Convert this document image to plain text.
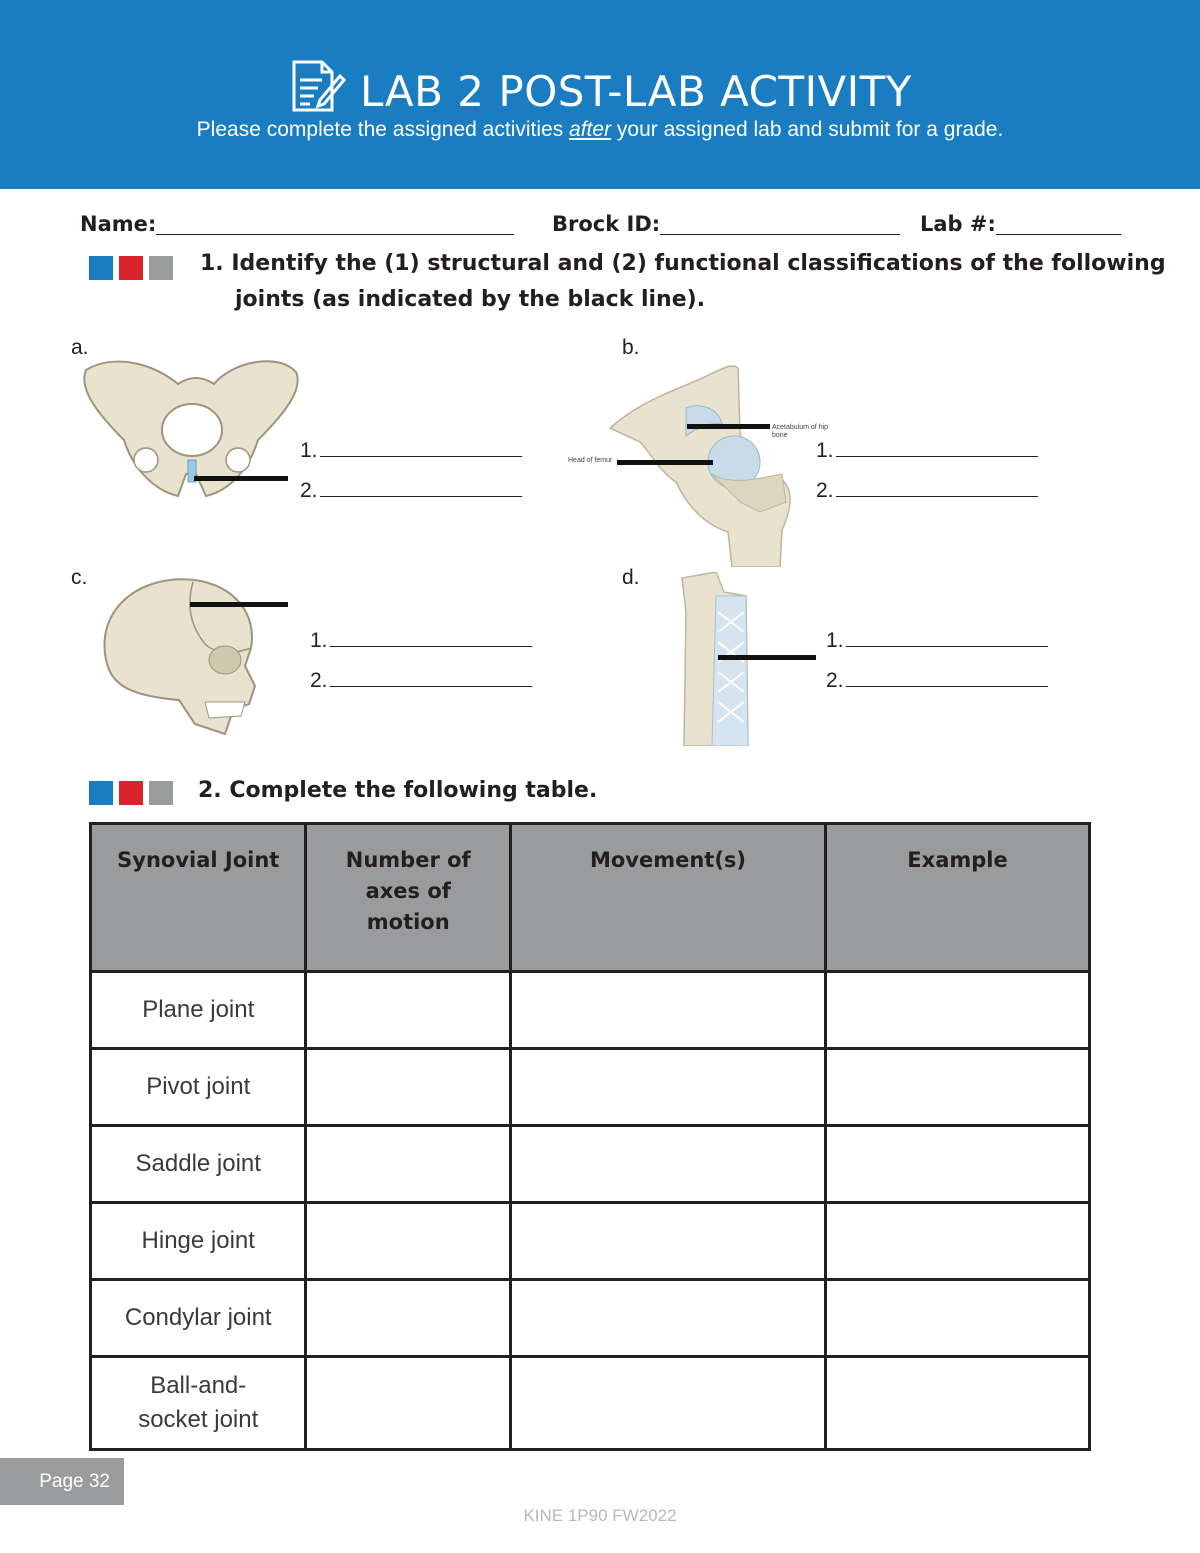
LAB 2 POST-LAB ACTIVITY
Please complete the assigned activities after your assigned lab and submit for a grade.
Name:	Brock ID:	Lab #:
1. Identify the (1) structural and (2) functional classifications of the following
joints (as indicated by the black line).
a.
1.
2.
b.
Acetabulum of hip bone
Head of femur	1.
2.
c.
1.
2.
d.
1.
2.
2. Complete the following table.
Synovial Joint	Number of axes of motion	Movement(s)	Example
Plane joint			
Pivot joint			
Saddle joint			
Hinge joint			
Condylar joint			

Ball-and-socket joint			

Page 32
KINE 1P90 FW2022
